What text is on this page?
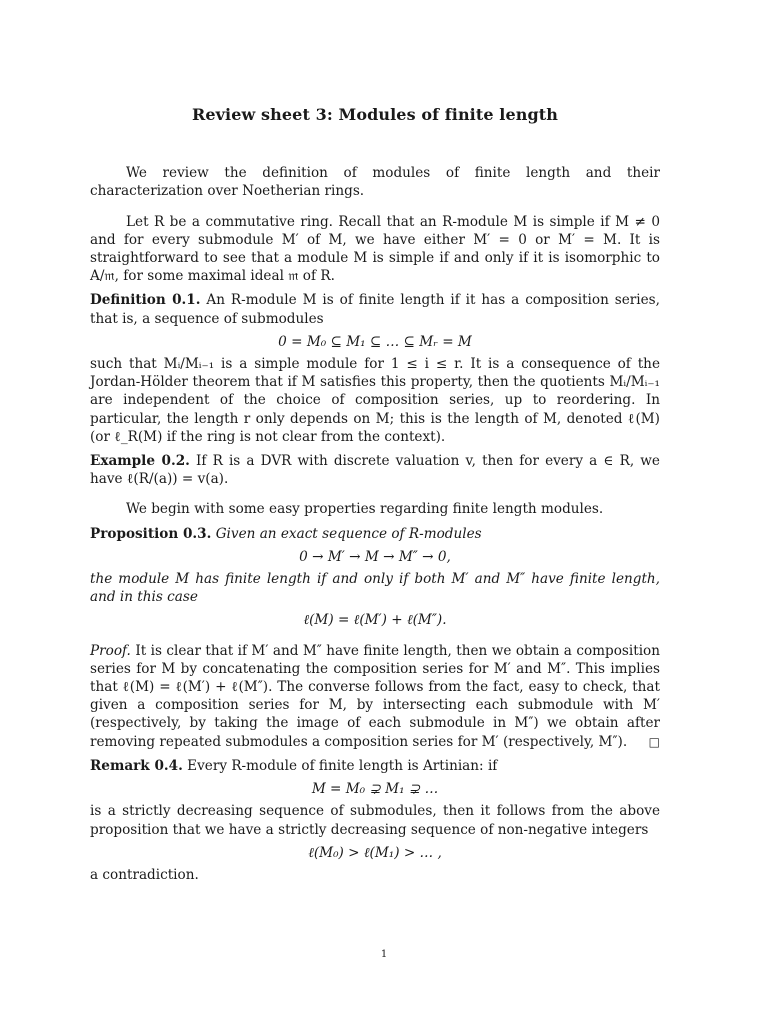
Review sheet 3: Modules of finite length

We review the definition of modules of finite length and their characterization over Noetherian rings.

Let R be a commutative ring. Recall that an R-module M is simple if M ≠ 0 and for every submodule M′ of M, we have either M′ = 0 or M′ = M. It is straightforward to see that a module M is simple if and only if it is isomorphic to A/𝔪, for some maximal ideal 𝔪 of R.

Definition 0.1. An R-module M is of finite length if it has a composition series, that is, a sequence of submodules

0 = M₀ ⊆ M₁ ⊆ … ⊆ Mᵣ = M

such that Mᵢ/Mᵢ₋₁ is a simple module for 1 ≤ i ≤ r. It is a consequence of the Jordan-Hölder theorem that if M satisfies this property, then the quotients Mᵢ/Mᵢ₋₁ are independent of the choice of composition series, up to reordering. In particular, the length r only depends on M; this is the length of M, denoted ℓ(M) (or ℓ_R(M) if the ring is not clear from the context).

Example 0.2. If R is a DVR with discrete valuation v, then for every a ∈ R, we have ℓ(R/(a)) = v(a).

We begin with some easy properties regarding finite length modules.

Proposition 0.3. Given an exact sequence of R-modules

0 → M′ → M → M″ → 0,

the module M has finite length if and only if both M′ and M″ have finite length, and in this case

ℓ(M) = ℓ(M′) + ℓ(M″).

Proof. It is clear that if M′ and M″ have finite length, then we obtain a composition series for M by concatenating the composition series for M′ and M″. This implies that ℓ(M) = ℓ(M′) + ℓ(M″). The converse follows from the fact, easy to check, that given a composition series for M, by intersecting each submodule with M′ (respectively, by taking the image of each submodule in M″) we obtain after removing repeated submodules a composition series for M′ (respectively, M″). □

Remark 0.4. Every R-module of finite length is Artinian: if

M = M₀ ⊋ M₁ ⊋ …

is a strictly decreasing sequence of submodules, then it follows from the above proposition that we have a strictly decreasing sequence of non-negative integers

ℓ(M₀) > ℓ(M₁) > … ,

a contradiction.

1
